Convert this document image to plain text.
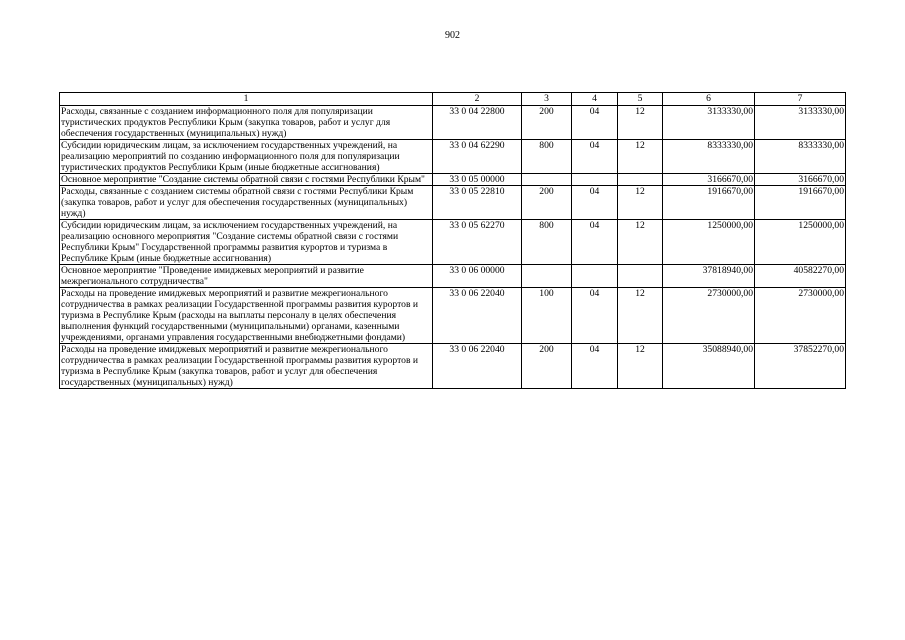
902
1	2	3	4	5	6	7
Расходы, связанные с созданием информационного поля для популяризации туристических продуктов Республики Крым (закупка товаров, работ и услуг для обеспечения государственных (муниципальных) нужд)	33 0 04 22800	200	04	12	3133330,00	3133330,00
Субсидии юридическим лицам, за исключением государственных учреждений, на реализацию мероприятий по созданию информационного поля для популяризации туристических продуктов Республики Крым (иные бюджетные ассигнования)	33 0 04 62290	800	04	12	8333330,00	8333330,00
Основное мероприятие "Создание системы обратной связи с гостями Республики Крым"	33 0 05 00000				3166670,00	3166670,00
Расходы, связанные с созданием системы обратной связи с гостями Республики Крым (закупка товаров, работ и услуг для обеспечения государственных (муниципальных) нужд)	33 0 05 22810	200	04	12	1916670,00	1916670,00
Субсидии юридическим лицам, за исключением государственных учреждений, на реализацию основного мероприятия "Создание системы обратной связи с гостями Республики Крым" Государственной программы развития курортов и туризма в Республике Крым (иные бюджетные ассигнования)	33 0 05 62270	800	04	12	1250000,00	1250000,00
Основное мероприятие "Проведение имиджевых мероприятий и развитие межрегионального сотрудничества"	33 0 06 00000				37818940,00	40582270,00
Расходы на проведение имиджевых мероприятий и развитие межрегионального сотрудничества в рамках реализации Государственной программы развития курортов и туризма в Республике Крым (расходы на выплаты персоналу в целях обеспечения выполнения функций государственными (муниципальными) органами, казенными учреждениями, органами управления государственными внебюджетными фондами)	33 0 06 22040	100	04	12	2730000,00	2730000,00
Расходы на проведение имиджевых мероприятий и развитие межрегионального сотрудничества в рамках реализации Государственной программы развития курортов и туризма в Республике Крым (закупка товаров, работ и услуг для обеспечения государственных (муниципальных) нужд)	33 0 06 22040	200	04	12	35088940,00	37852270,00
